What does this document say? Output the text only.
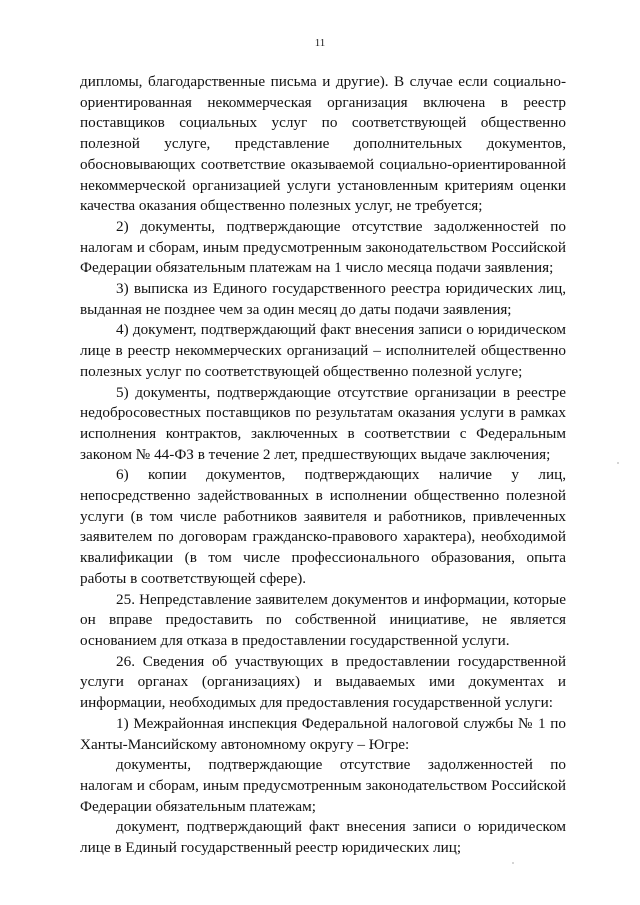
11

дипломы, благодарственные письма и другие). В случае если социально-ориентированная некоммерческая организация включена в реестр поставщиков социальных услуг по соответствующей общественно полезной услуге, представление дополнительных документов, обосновывающих соответствие оказываемой социально-ориентированной некоммерческой организацией услуги установленным критериям оценки качества оказания общественно полезных услуг, не требуется;

2) документы, подтверждающие отсутствие задолженностей по налогам и сборам, иным предусмотренным законодательством Российской Федерации обязательным платежам на 1 число месяца подачи заявления;

3) выписка из Единого государственного реестра юридических лиц, выданная не позднее чем за один месяц до даты подачи заявления;

4) документ, подтверждающий факт внесения записи о юридическом лице в реестр некоммерческих организаций – исполнителей общественно полезных услуг по соответствующей общественно полезной услуге;

5) документы, подтверждающие отсутствие организации в реестре недобросовестных поставщиков по результатам оказания услуги в рамках исполнения контрактов, заключенных в соответствии с Федеральным законом № 44-ФЗ в течение 2 лет, предшествующих выдаче заключения;

6) копии документов, подтверждающих наличие у лиц, непосредственно задействованных в исполнении общественно полезной услуги (в том числе работников заявителя и работников, привлеченных заявителем по договорам гражданско-правового характера), необходимой квалификации (в том числе профессионального образования, опыта работы в соответствующей сфере).

25. Непредставление заявителем документов и информации, которые он вправе предоставить по собственной инициативе, не является основанием для отказа в предоставлении государственной услуги.

26. Сведения об участвующих в предоставлении государственной услуги органах (организациях) и выдаваемых ими документах и информации, необходимых для предоставления государственной услуги:

1) Межрайонная инспекция Федеральной налоговой службы № 1 по Ханты-Мансийскому автономному округу – Югре:

документы, подтверждающие отсутствие задолженностей по налогам и сборам, иным предусмотренным законодательством Российской Федерации обязательным платежам;

документ, подтверждающий факт внесения записи о юридическом лице в Единый государственный реестр юридических лиц;
